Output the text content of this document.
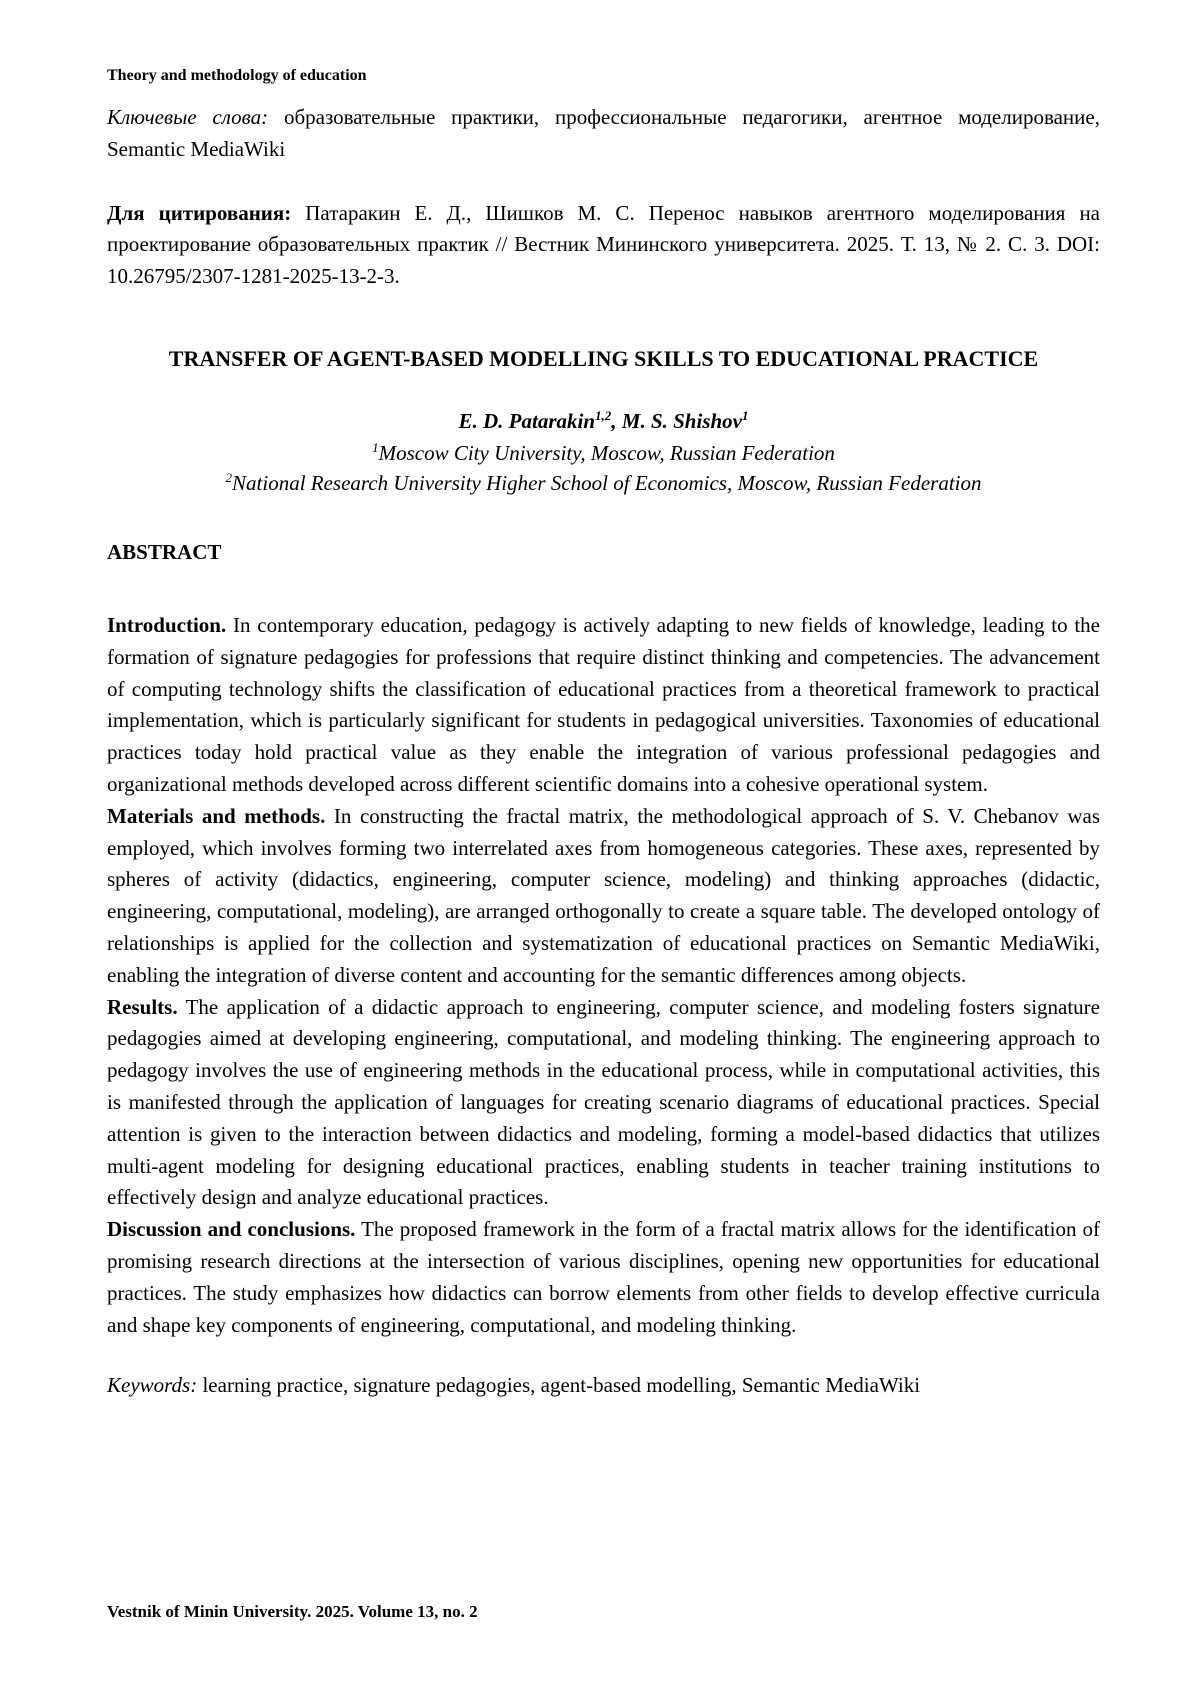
Theory and methodology of education

Ключевые слова: образовательные практики, профессиональные педагогики, агентное моделирование, Semantic MediaWiki

Для цитирования: Патаракин Е. Д., Шишков М. С. Перенос навыков агентного моделирования на проектирование образовательных практик // Вестник Мининского университета. 2025. Т. 13, № 2. С. 3. DOI: 10.26795/2307-1281-2025-13-2-3.

TRANSFER OF AGENT-BASED MODELLING SKILLS TO EDUCATIONAL PRACTICE
E. D. Patarakin$^{1,2}$, M. S. Shishov$^1$
$^1$Moscow City University, Moscow, Russian Federation
$^2$National Research University Higher School of Economics, Moscow, Russian Federation
ABSTRACT

Introduction. In contemporary education, pedagogy is actively adapting to new fields of knowledge, leading to the formation of signature pedagogies for professions that require distinct thinking and competencies. The advancement of computing technology shifts the classification of educational practices from a theoretical framework to practical implementation, which is particularly significant for students in pedagogical universities. Taxonomies of educational practices today hold practical value as they enable the integration of various professional pedagogies and organizational methods developed across different scientific domains into a cohesive operational system.

Materials and methods. In constructing the fractal matrix, the methodological approach of S. V. Chebanov was employed, which involves forming two interrelated axes from homogeneous categories. These axes, represented by spheres of activity (didactics, engineering, computer science, modeling) and thinking approaches (didactic, engineering, computational, modeling), are arranged orthogonally to create a square table. The developed ontology of relationships is applied for the collection and systematization of educational practices on Semantic MediaWiki, enabling the integration of diverse content and accounting for the semantic differences among objects.

Results. The application of a didactic approach to engineering, computer science, and modeling fosters signature pedagogies aimed at developing engineering, computational, and modeling thinking. The engineering approach to pedagogy involves the use of engineering methods in the educational process, while in computational activities, this is manifested through the application of languages for creating scenario diagrams of educational practices. Special attention is given to the interaction between didactics and modeling, forming a model-based didactics that utilizes multi-agent modeling for designing educational practices, enabling students in teacher training institutions to effectively design and analyze educational practices.

Discussion and conclusions. The proposed framework in the form of a fractal matrix allows for the identification of promising research directions at the intersection of various disciplines, opening new opportunities for educational practices. The study emphasizes how didactics can borrow elements from other fields to develop effective curricula and shape key components of engineering, computational, and modeling thinking.

Keywords: learning practice, signature pedagogies, agent-based modelling, Semantic MediaWiki

Vestnik of Minin University. 2025. Volume 13, no. 2
